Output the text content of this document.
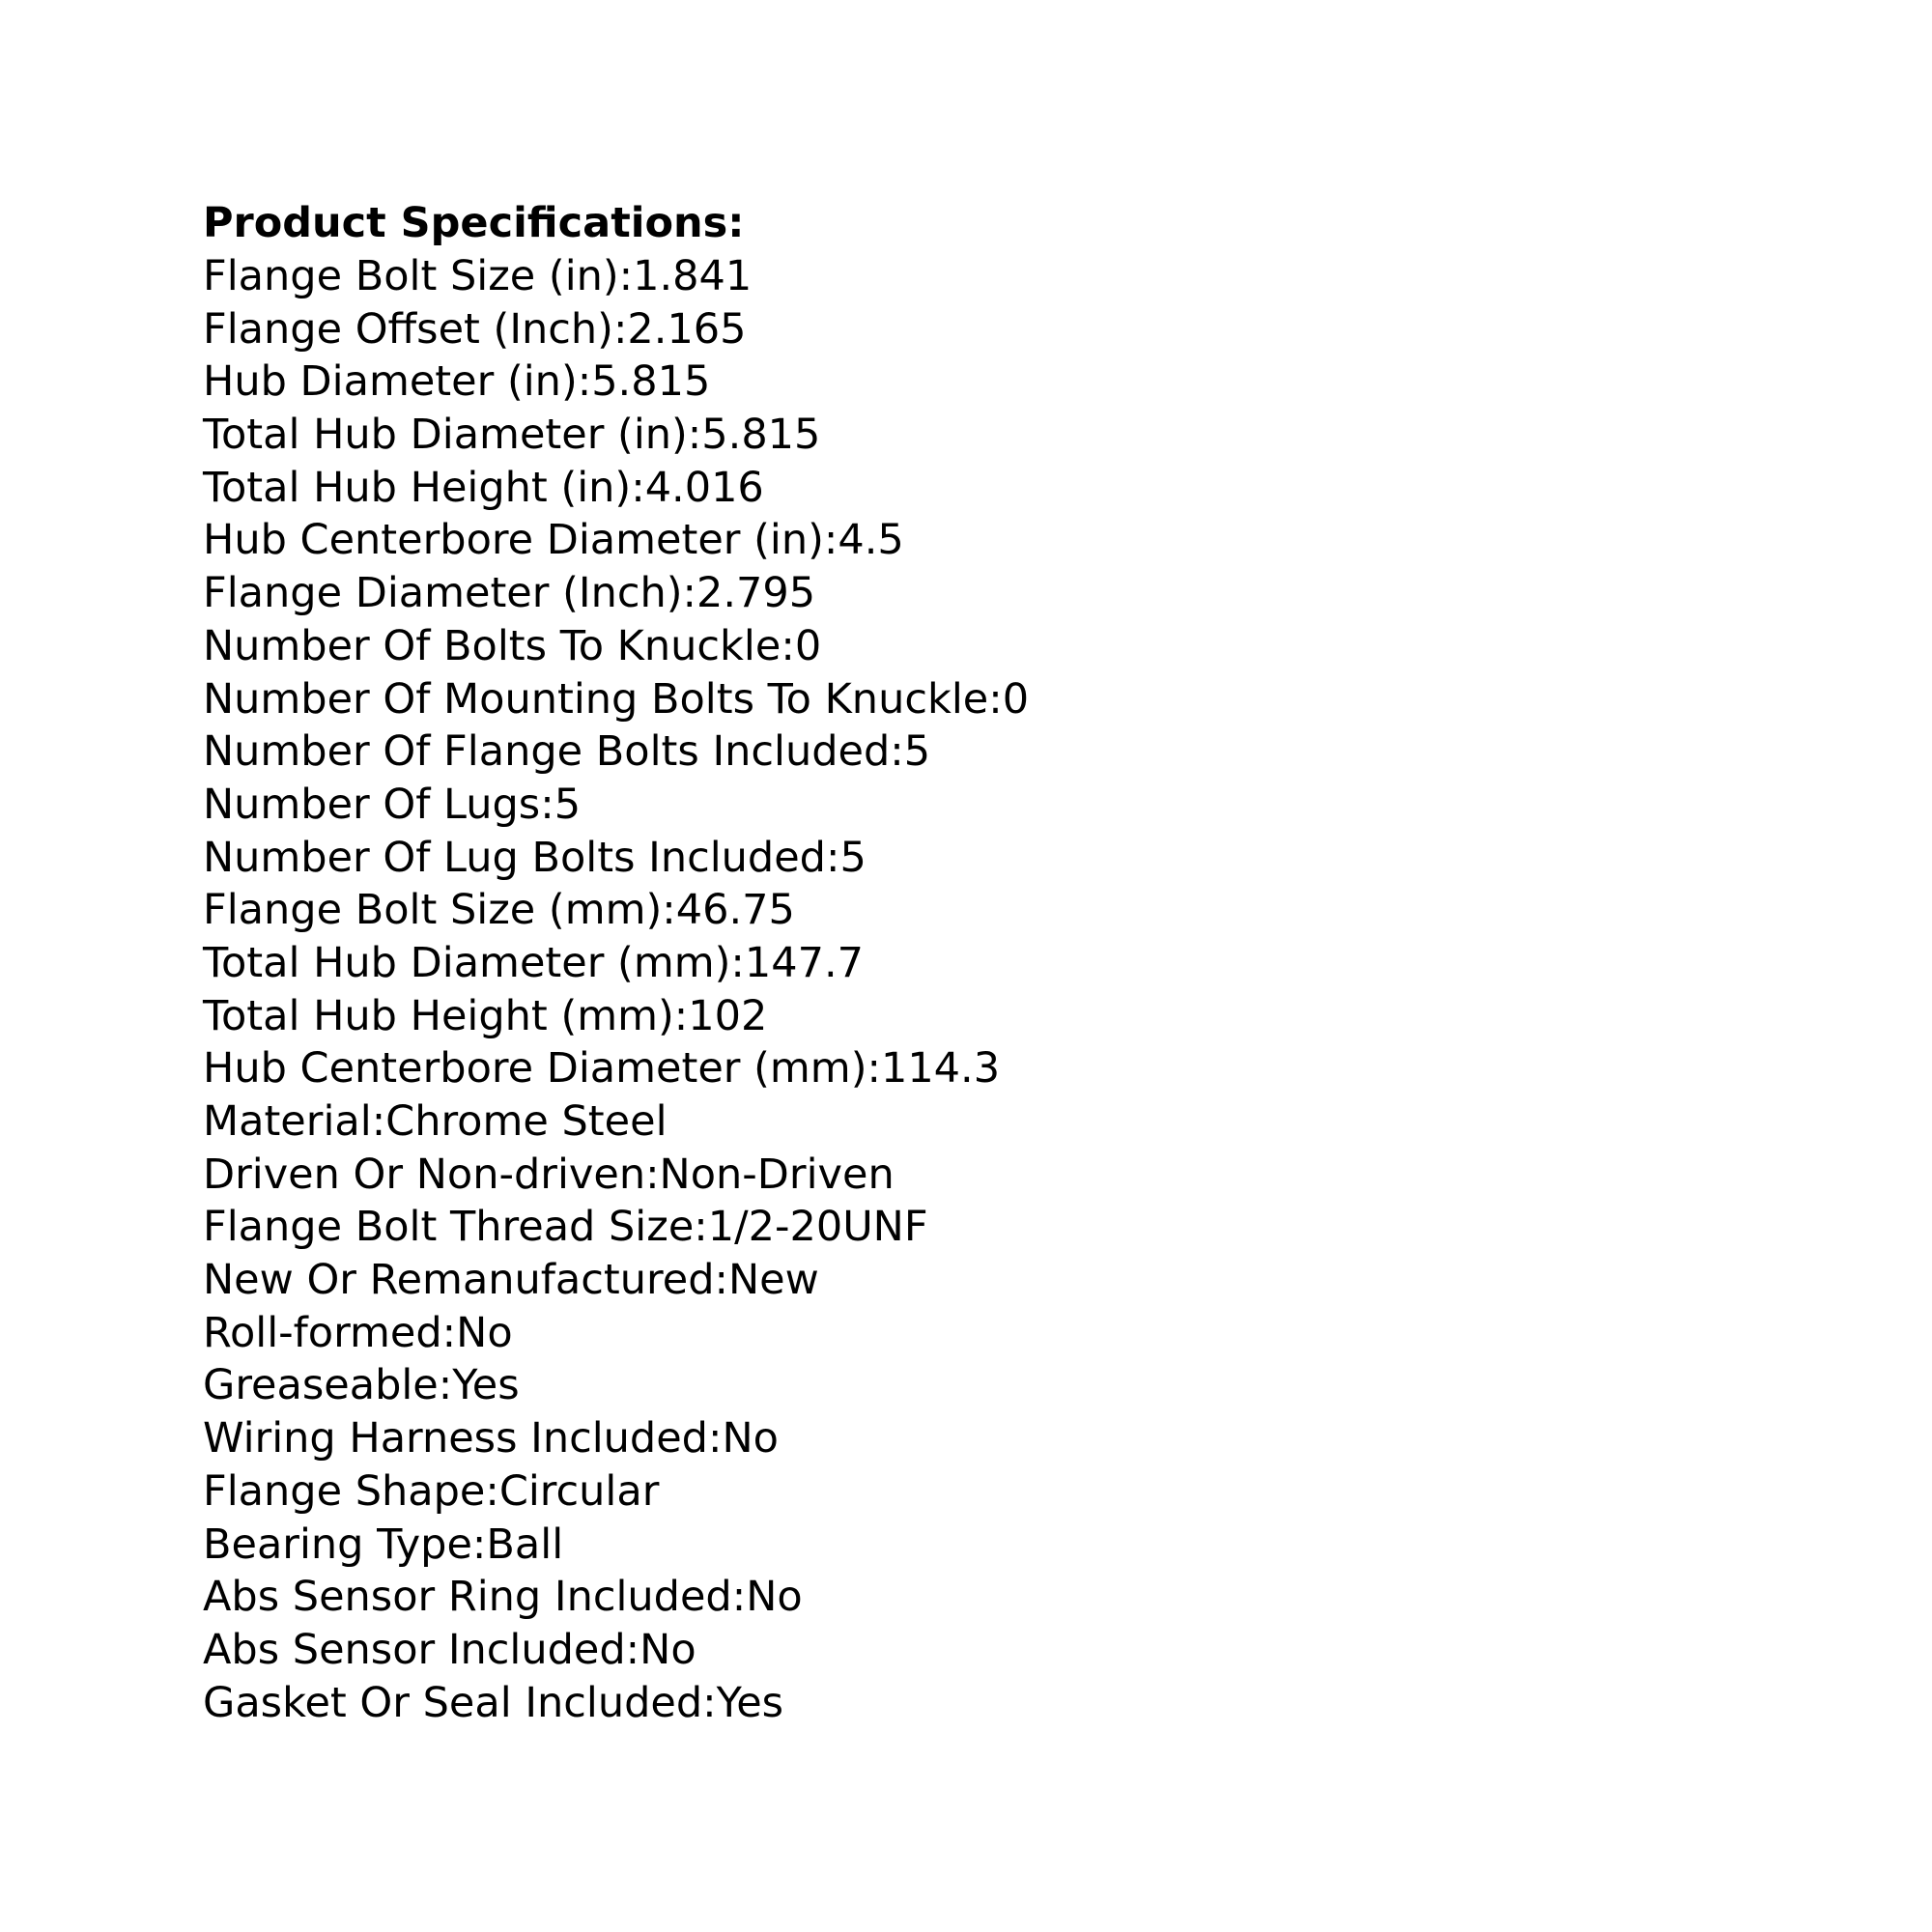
Product Specifications:
Flange Bolt Size (in):1.841
Flange Offset (Inch):2.165
Hub Diameter (in):5.815
Total Hub Diameter (in):5.815
Total Hub Height (in):4.016
Hub Centerbore Diameter (in):4.5
Flange Diameter (Inch):2.795
Number Of Bolts To Knuckle:0
Number Of Mounting Bolts To Knuckle:0
Number Of Flange Bolts Included:5
Number Of Lugs:5
Number Of Lug Bolts Included:5
Flange Bolt Size (mm):46.75
Total Hub Diameter (mm):147.7
Total Hub Height (mm):102
Hub Centerbore Diameter (mm):114.3
Material:Chrome Steel
Driven Or Non-driven:Non-Driven
Flange Bolt Thread Size:1/2-20UNF
New Or Remanufactured:New
Roll-formed:No
Greaseable:Yes
Wiring Harness Included:No
Flange Shape:Circular
Bearing Type:Ball
Abs Sensor Ring Included:No
Abs Sensor Included:No
Gasket Or Seal Included:Yes
